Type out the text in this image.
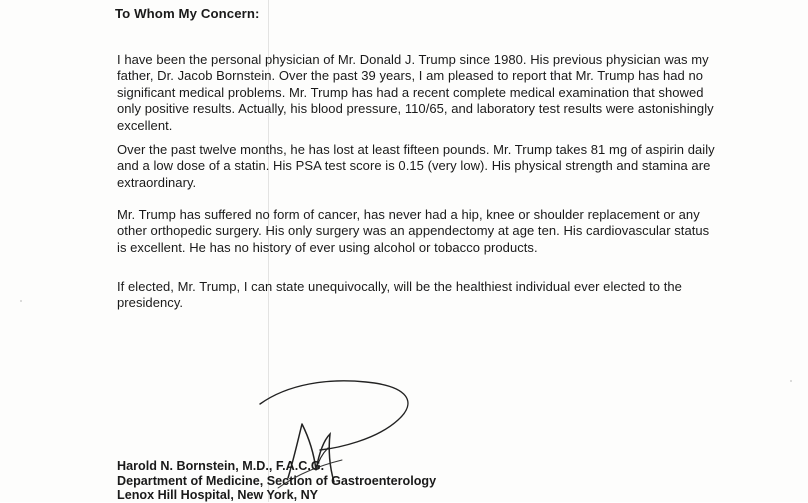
To Whom My Concern:

I have been the personal physician of Mr. Donald J. Trump since 1980. His previous physician was my father, Dr. Jacob Bornstein. Over the past 39 years, I am pleased to report that Mr. Trump has had no significant medical problems. Mr. Trump has had a recent complete medical examination that showed only positive results. Actually, his blood pressure, 110/65, and laboratory test results were astonishingly excellent.

Over the past twelve months, he has lost at least fifteen pounds. Mr. Trump takes 81 mg of aspirin daily and a low dose of a statin. His PSA test score is 0.15 (very low). His physical strength and stamina are extraordinary.

Mr. Trump has suffered no form of cancer, has never had a hip, knee or shoulder replacement or any other orthopedic surgery. His only surgery was an appendectomy at age ten. His cardiovascular status is excellent. He has no history of ever using alcohol or tobacco products.

If elected, Mr. Trump, I can state unequivocally, will be the healthiest individual ever elected to the presidency.

Harold N. Bornstein, M.D., F.A.C.G.
Department of Medicine, Section of Gastroenterology
Lenox Hill Hospital, New York, NY
